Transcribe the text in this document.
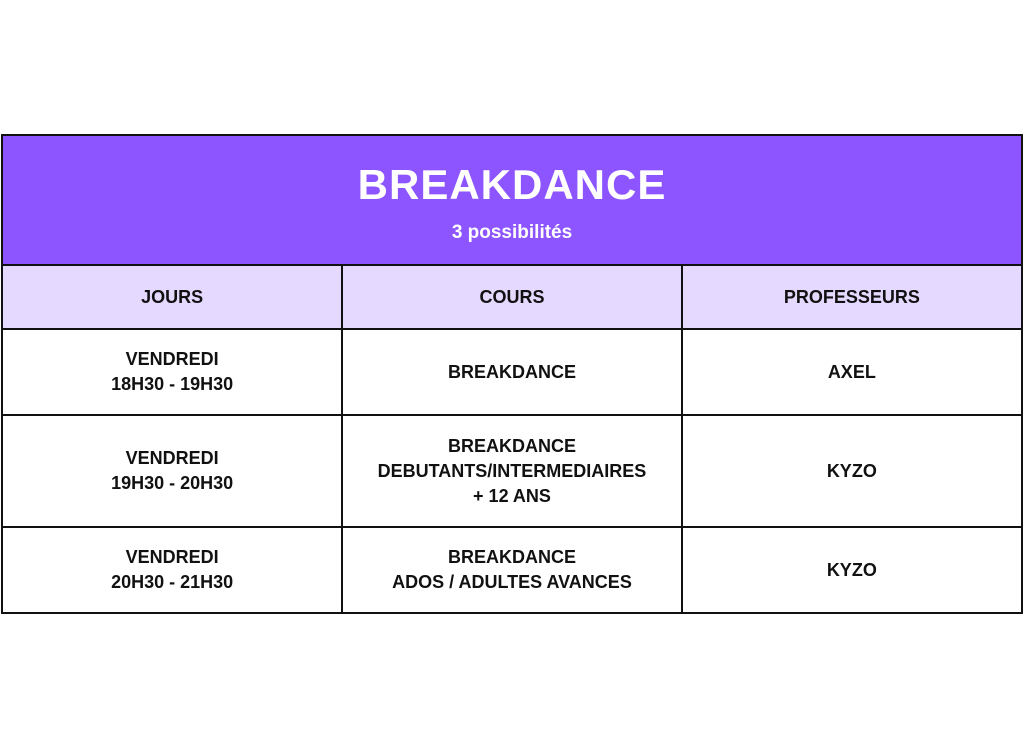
BREAKDANCE
3 possibilités
JOURS	COURS	PROFESSEURS

VENDREDI
18H30 - 19H30	BREAKDANCE	AXEL

VENDREDI
19H30 - 20H30	BREAKDANCE
DEBUTANTS/INTERMEDIAIRES
+ 12 ANS	KYZO

VENDREDI
20H30 - 21H30	BREAKDANCE
ADOS / ADULTES AVANCES	KYZO
